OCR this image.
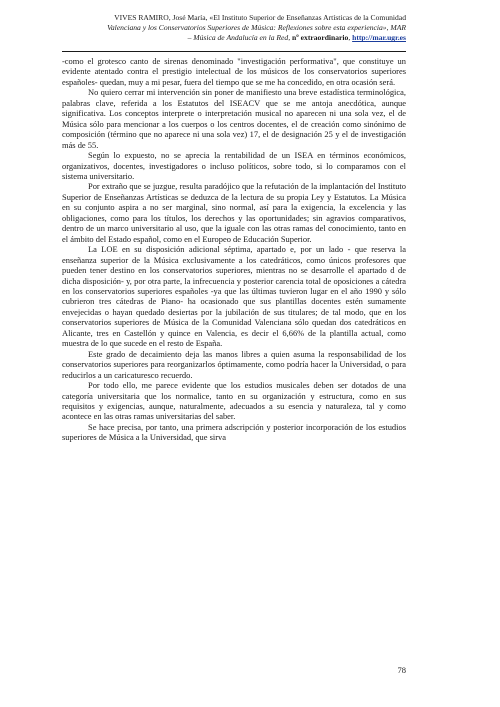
VIVES RAMIRO, José María, «El Instituto Superior de Enseñanzas Artísticas de la Comunidad
Valenciana y los Conservatorios Superiores de Música: Reflexiones sobre esta experiencia», MAR
– Música de Andalucía en la Red, nº extraordinario, http://mar.ugr.es

-como el grotesco canto de sirenas denominado "investigación performativa", que constituye un evidente atentado contra el prestigio intelectual de los músicos de los conservatorios superiores españoles- quedan, muy a mi pesar, fuera del tiempo que se me ha concedido, en otra ocasión será.

No quiero cerrar mi intervención sin poner de manifiesto una breve estadística terminológica, palabras clave, referida a los Estatutos del ISEACV que se me antoja anecdótica, aunque significativa. Los conceptos interprete o interpretación musical no aparecen ni una sola vez, el de Música sólo para mencionar a los cuerpos o los centros docentes, el de creación como sinónimo de composición (término que no aparece ni una sola vez) 17, el de designación 25 y el de investigación más de 55.

Según lo expuesto, no se aprecia la rentabilidad de un ISEA en términos económicos, organizativos, docentes, investigadores o incluso políticos, sobre todo, si lo comparamos con el sistema universitario.

Por extraño que se juzgue, resulta paradójico que la refutación de la implantación del Instituto Superior de Enseñanzas Artísticas se deduzca de la lectura de su propia Ley y Estatutos. La Música en su conjunto aspira a no ser marginal, sino normal, así para la exigencia, la excelencia y las obligaciones, como para los títulos, los derechos y las oportunidades; sin agravios comparativos, dentro de un marco universitario al uso, que la iguale con las otras ramas del conocimiento, tanto en el ámbito del Estado español, como en el Europeo de Educación Superior.

La LOE en su disposición adicional séptima, apartado e, por un lado - que reserva la enseñanza superior de la Música exclusivamente a los catedráticos, como únicos profesores que pueden tener destino en los conservatorios superiores, mientras no se desarrolle el apartado d de dicha disposición- y, por otra parte, la infrecuencia y posterior carencia total de oposiciones a cátedra en los conservatorios superiores españoles -ya que las últimas tuvieron lugar en el año 1990 y sólo cubrieron tres cátedras de Piano- ha ocasionado que sus plantillas docentes estén sumamente envejecidas o hayan quedado desiertas por la jubilación de sus titulares; de tal modo, que en los conservatorios superiores de Música de la Comunidad Valenciana sólo quedan dos catedráticos en Alicante, tres en Castellón y quince en Valencia, es decir el 6,66% de la plantilla actual, como muestra de lo que sucede en el resto de España.

Este grado de decaimiento deja las manos libres a quien asuma la responsabilidad de los conservatorios superiores para reorganizarlos óptimamente, como podría hacer la Universidad, o para reducirlos a un caricaturesco recuerdo.

Por todo ello, me parece evidente que los estudios musicales deben ser dotados de una categoría universitaria que los normalice, tanto en su organización y estructura, como en sus requisitos y exigencias, aunque, naturalmente, adecuados a su esencia y naturaleza, tal y como acontece en las otras ramas universitarias del saber.

Se hace precisa, por tanto, una primera adscripción y posterior incorporación de los estudios superiores de Música a la Universidad, que sirva

78
